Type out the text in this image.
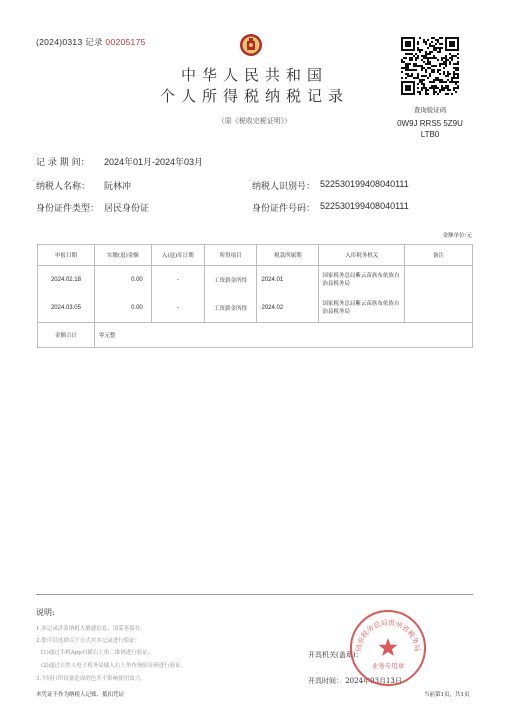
(2024)0313 记录 00205175
中华人民共和国
个人所得税纳税记录
（原《税收完税证明》）
查询验证码
0W9J RRS5 5Z9U
LTB0
记 录 期 间： 2024年01月-2024年03月
纳税人名称： 阮林冲	纳税人识别号： 522530199408040111
身份证件类型： 居民身份证	身份证件号码： 522530199408040111
金额单位:元
申报日期	实缴(退)金额	入(退)库日期	所得项目	税款所属期	入库税务机关	备注
2024.02.18	0.00	-	工资薪金所得	2024.01	国家税务总局紫云苗族布依族自治县税务局	
2024.03.05	0.00	-	工资薪金所得	2024.02	国家税务总局紫云苗族布依族自治县税务局	
金额合计	零元整					
说明:
1.本记录涉及纳税人敏感信息，请妥善保存。
2.您可以选择以下方式对本记录进行验证：
(1)通过手机App扫描右上角二维码进行验证；
(2)通过自然人电子税务局输入右上角查询验证码进行验证。
3.不同打印设备造成的色差不影响使用效力。
开具机关(盖章)：
开具时间： 2024年03月13日
本凭证不作为纳税人记账、抵扣凭证	当前第1页，共1页
国家税务总局贵州省税务局
业务专用章
